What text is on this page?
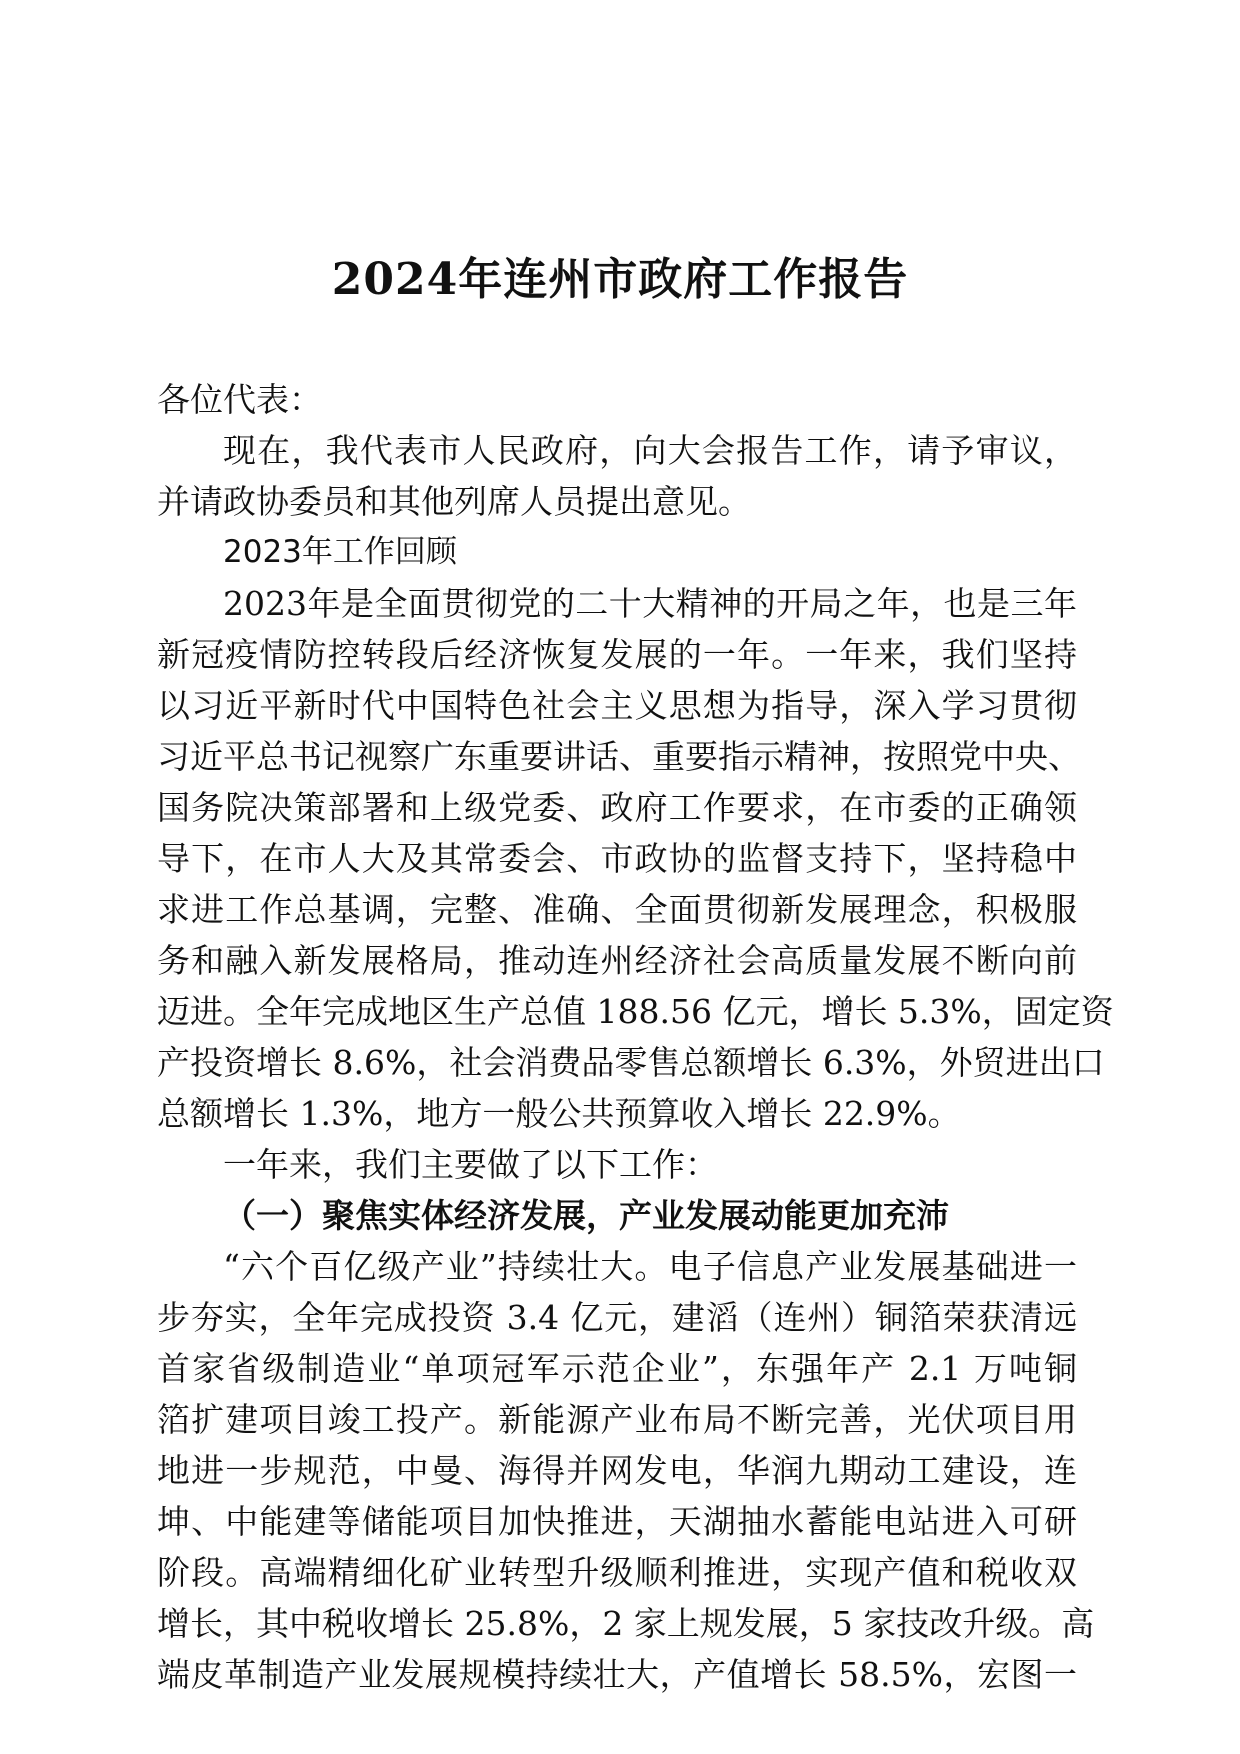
2024年连州市政府工作报告
各位代表：
现在，我代表市人民政府，向大会报告工作，请予审议，
并请政协委员和其他列席人员提出意见。
2023年工作回顾
2023年是全面贯彻党的二十大精神的开局之年，也是三年
新冠疫情防控转段后经济恢复发展的一年。一年来，我们坚持
以习近平新时代中国特色社会主义思想为指导，深入学习贯彻
习近平总书记视察广东重要讲话、重要指示精神，按照党中央、
国务院决策部署和上级党委、政府工作要求，在市委的正确领
导下，在市人大及其常委会、市政协的监督支持下，坚持稳中
求进工作总基调，完整、准确、全面贯彻新发展理念，积极服
务和融入新发展格局，推动连州经济社会高质量发展不断向前
迈进。全年完成地区生产总值 188.56 亿元，增长 5.3%，固定资
产投资增长 8.6%，社会消费品零售总额增长 6.3%，外贸进出口
总额增长 1.3%，地方一般公共预算收入增长 22.9%。
一年来，我们主要做了以下工作：
（一）聚焦实体经济发展，产业发展动能更加充沛
“六个百亿级产业”持续壮大。电子信息产业发展基础进一
步夯实，全年完成投资 3.4 亿元，建滔（连州）铜箔荣获清远
首家省级制造业“单项冠军示范企业”，东强年产 2.1 万吨铜
箔扩建项目竣工投产。新能源产业布局不断完善，光伏项目用
地进一步规范，中曼、海得并网发电，华润九期动工建设，连
坤、中能建等储能项目加快推进，天湖抽水蓄能电站进入可研
阶段。高端精细化矿业转型升级顺利推进，实现产值和税收双
增长，其中税收增长 25.8%，2 家上规发展，5 家技改升级。高
端皮革制造产业发展规模持续壮大，产值增长 58.5%，宏图一
